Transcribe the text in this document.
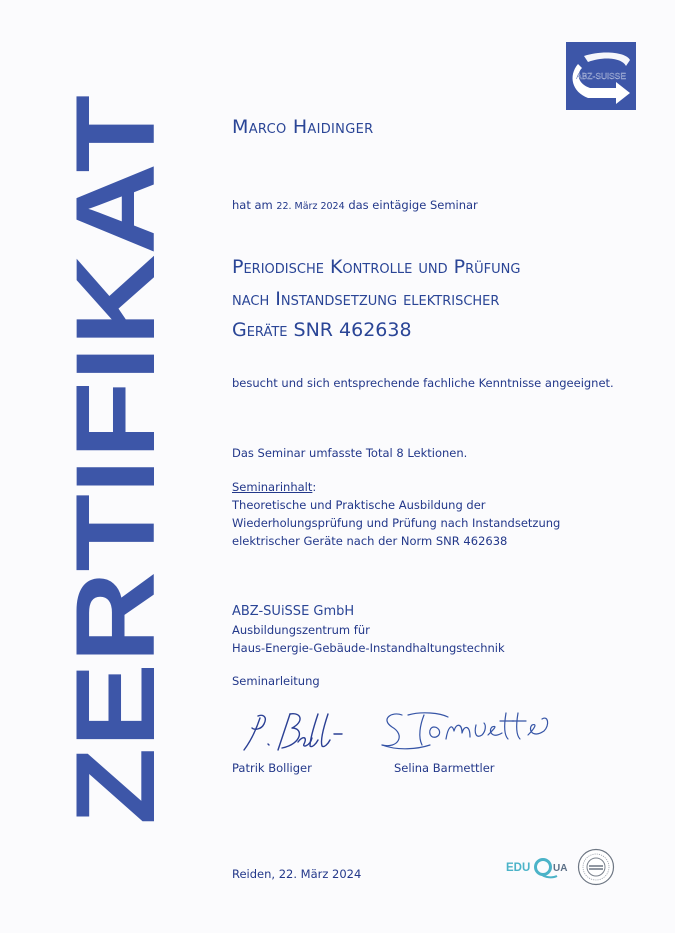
ZERTIFIKAT
ABZ-SUiSSE
Marco Haidinger
hat am 22. März 2024 das eintägige Seminar
Periodische Kontrolle und Prüfung
nach Instandsetzung elektrischer
Geräte SNR 462638
besucht und sich entsprechende fachliche Kenntnisse angeeignet.
Das Seminar umfasste Total 8 Lektionen.
Seminarinhalt:
Theoretische und Praktische Ausbildung der
Wiederholungsprüfung und Prüfung nach Instandsetzung
elektrischer Geräte nach der Norm SNR 462638
ABZ-SUiSSE GmbH
Ausbildungszentrum für
Haus-Energie-Gebäude-Instandhaltungstechnik
Seminarleitung
Patrik Bolliger	Selina Barmettler
Reiden, 22. März 2024	EDU UA
